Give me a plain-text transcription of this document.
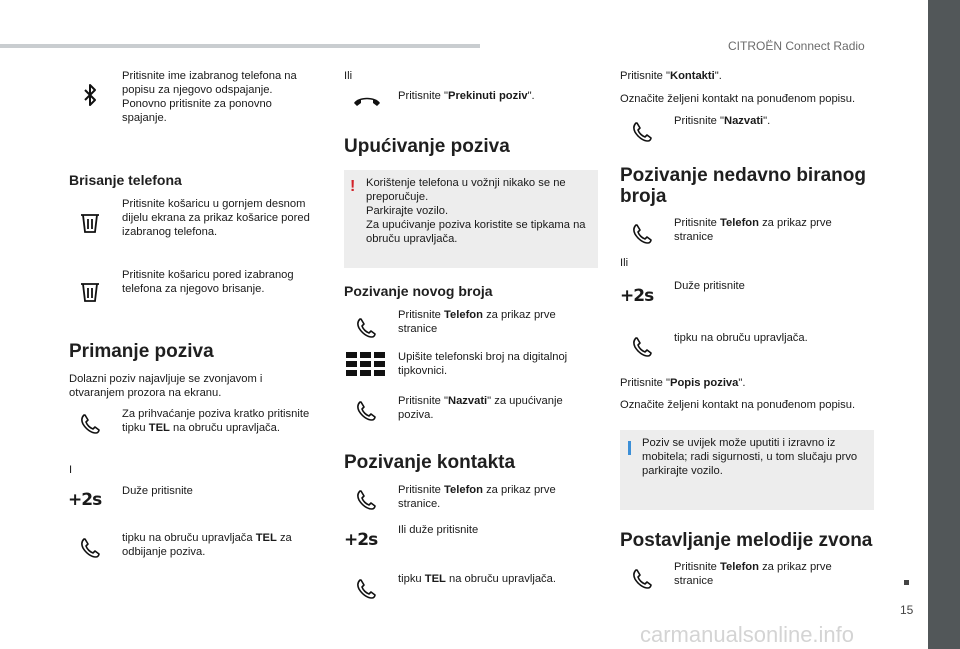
CITROËN Connect Radio
15
carmanualsonline.info
Pritisnite ime izabranog telefona na popisu za njegovo odspajanje. Ponovno pritisnite za ponovno spajanje.
Brisanje telefona
Pritisnite košaricu u gornjem desnom dijelu ekrana za prikaz košarice pored izabranog telefona.
Pritisnite košaricu pored izabranog telefona za njegovo brisanje.
Primanje poziva
Dolazni poziv najavljuje se zvonjavom i otvaranjem prozora na ekranu.
Za prihvaćanje poziva kratko pritisnite tipku TEL na obruču upravljača.
I
+2s	Duže pritisnite
tipku na obruču upravljača TEL za odbijanje poziva.
Ili
Pritisnite "Prekinuti poziv".
Upućivanje poziva
! Korištenje telefona u vožnji nikako se ne preporučuje.
Parkirajte vozilo.
Za upućivanje poziva koristite se tipkama na obruču upravljača.
Pozivanje novog broja
Pritisnite Telefon za prikaz prve stranice
Upišite telefonski broj na digitalnoj tipkovnici.
Pritisnite "Nazvati" za upućivanje poziva.
Pozivanje kontakta
Pritisnite Telefon za prikaz prve stranice.
+2s	Ili duže pritisnite
tipku TEL na obruču upravljača.
Pritisnite "Kontakti".
Označite željeni kontakt na ponuđenom popisu.
Pritisnite "Nazvati".
Pozivanje nedavno biranog broja
Pritisnite Telefon za prikaz prve stranice
Ili
+2s	Duže pritisnite
tipku na obruču upravljača.
Pritisnite "Popis poziva".
Označite željeni kontakt na ponuđenom popisu.
Poziv se uvijek može uputiti i izravno iz mobitela; radi sigurnosti, u tom slučaju prvo parkirajte vozilo.
Postavljanje melodije zvona
Pritisnite Telefon za prikaz prve stranice
